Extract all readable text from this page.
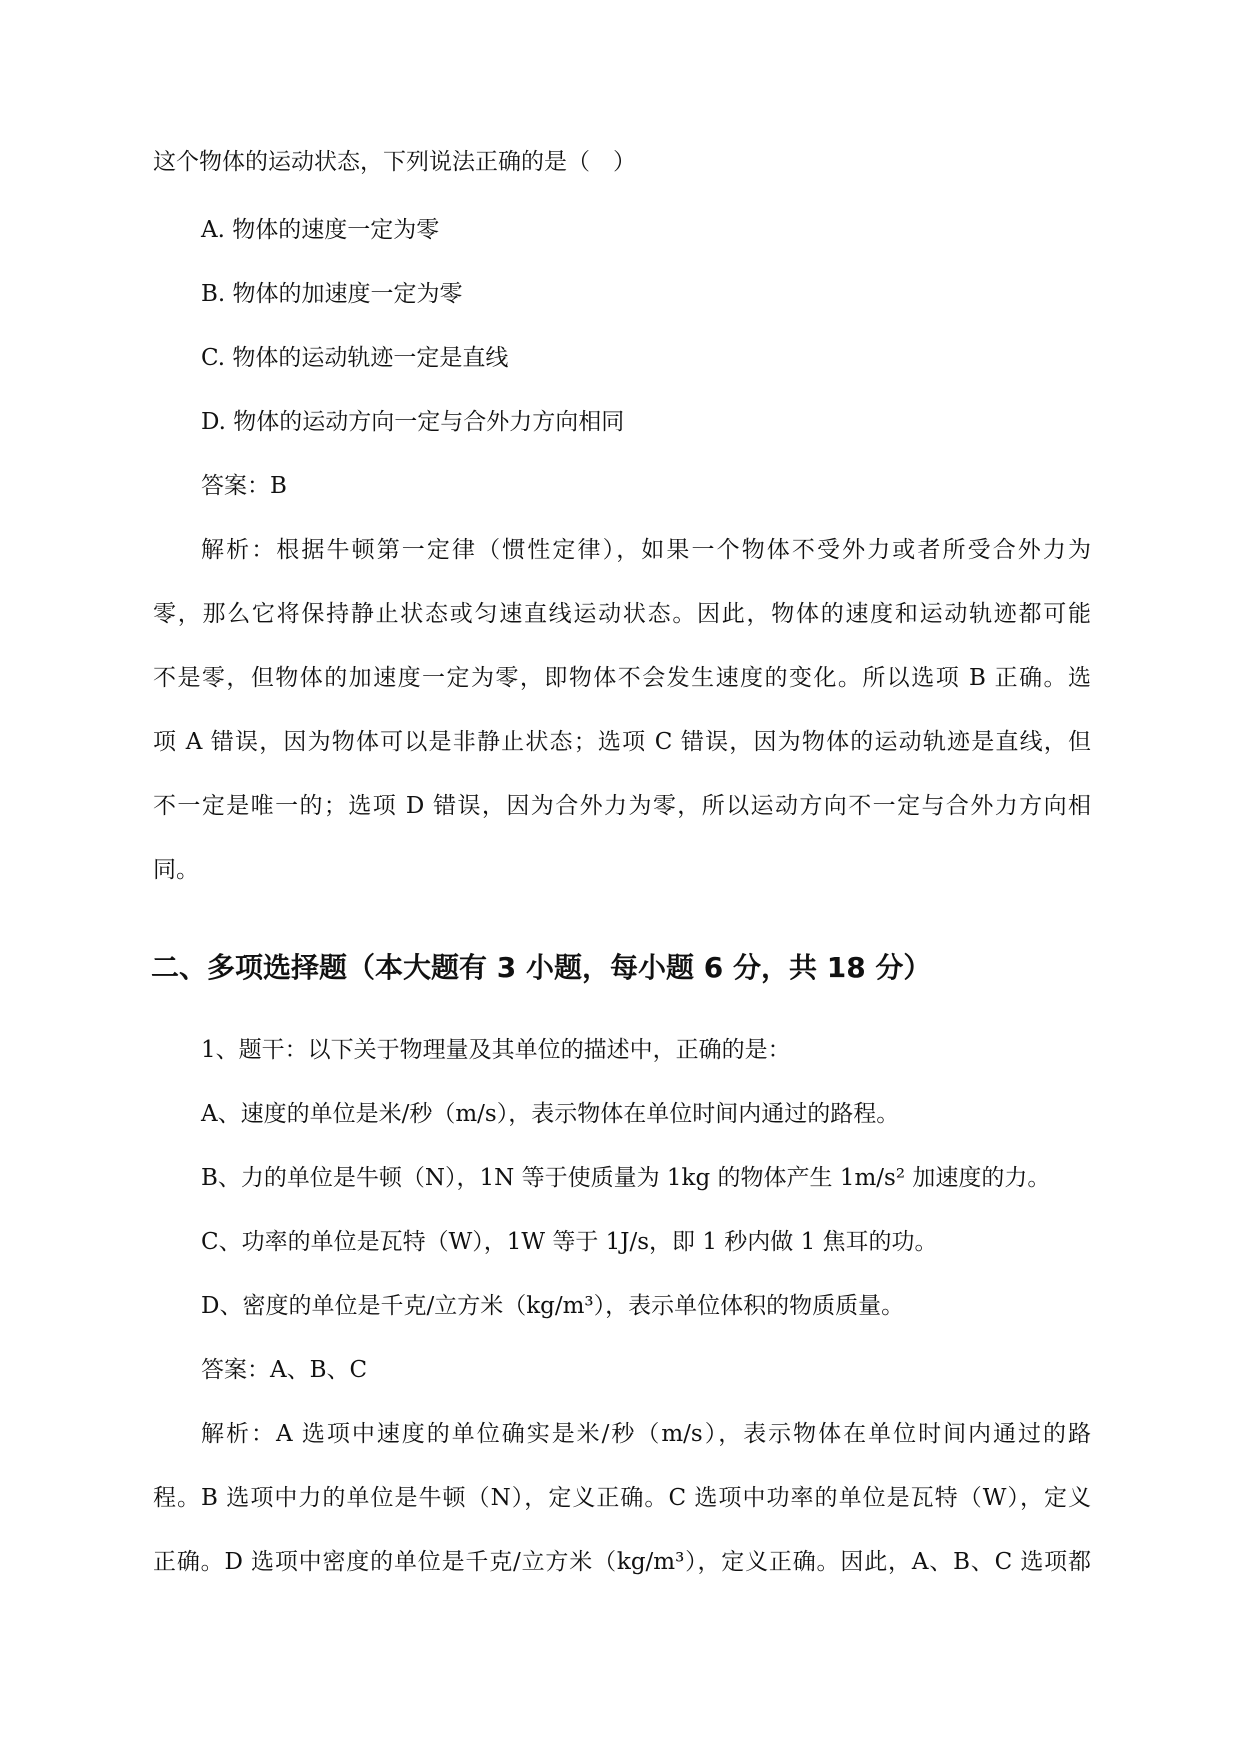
这个物体的运动状态，下列说法正确的是（　）
A. 物体的速度一定为零
B. 物体的加速度一定为零
C. 物体的运动轨迹一定是直线
D. 物体的运动方向一定与合外力方向相同
答案：B
解析：根据牛顿第一定律（惯性定律），如果一个物体不受外力或者所受合外力为
零，那么它将保持静止状态或匀速直线运动状态。因此，物体的速度和运动轨迹都可能
不是零，但物体的加速度一定为零，即物体不会发生速度的变化。所以选项 B 正确。选
项 A 错误，因为物体可以是非静止状态；选项 C 错误，因为物体的运动轨迹是直线，但
不一定是唯一的；选项 D 错误，因为合外力为零，所以运动方向不一定与合外力方向相
同。
二、多项选择题（本大题有 3 小题，每小题 6 分，共 18 分）
1、题干：以下关于物理量及其单位的描述中，正确的是：
A、速度的单位是米/秒（m/s），表示物体在单位时间内通过的路程。
B、力的单位是牛顿（N），1N 等于使质量为 1kg 的物体产生 1m/s² 加速度的力。
C、功率的单位是瓦特（W），1W 等于 1J/s，即 1 秒内做 1 焦耳的功。
D、密度的单位是千克/立方米（kg/m³），表示单位体积的物质质量。
答案：A、B、C
解析：A 选项中速度的单位确实是米/秒（m/s），表示物体在单位时间内通过的路
程。B 选项中力的单位是牛顿（N），定义正确。C 选项中功率的单位是瓦特（W），定义
正确。D 选项中密度的单位是千克/立方米（kg/m³），定义正确。因此，A、B、C 选项都
